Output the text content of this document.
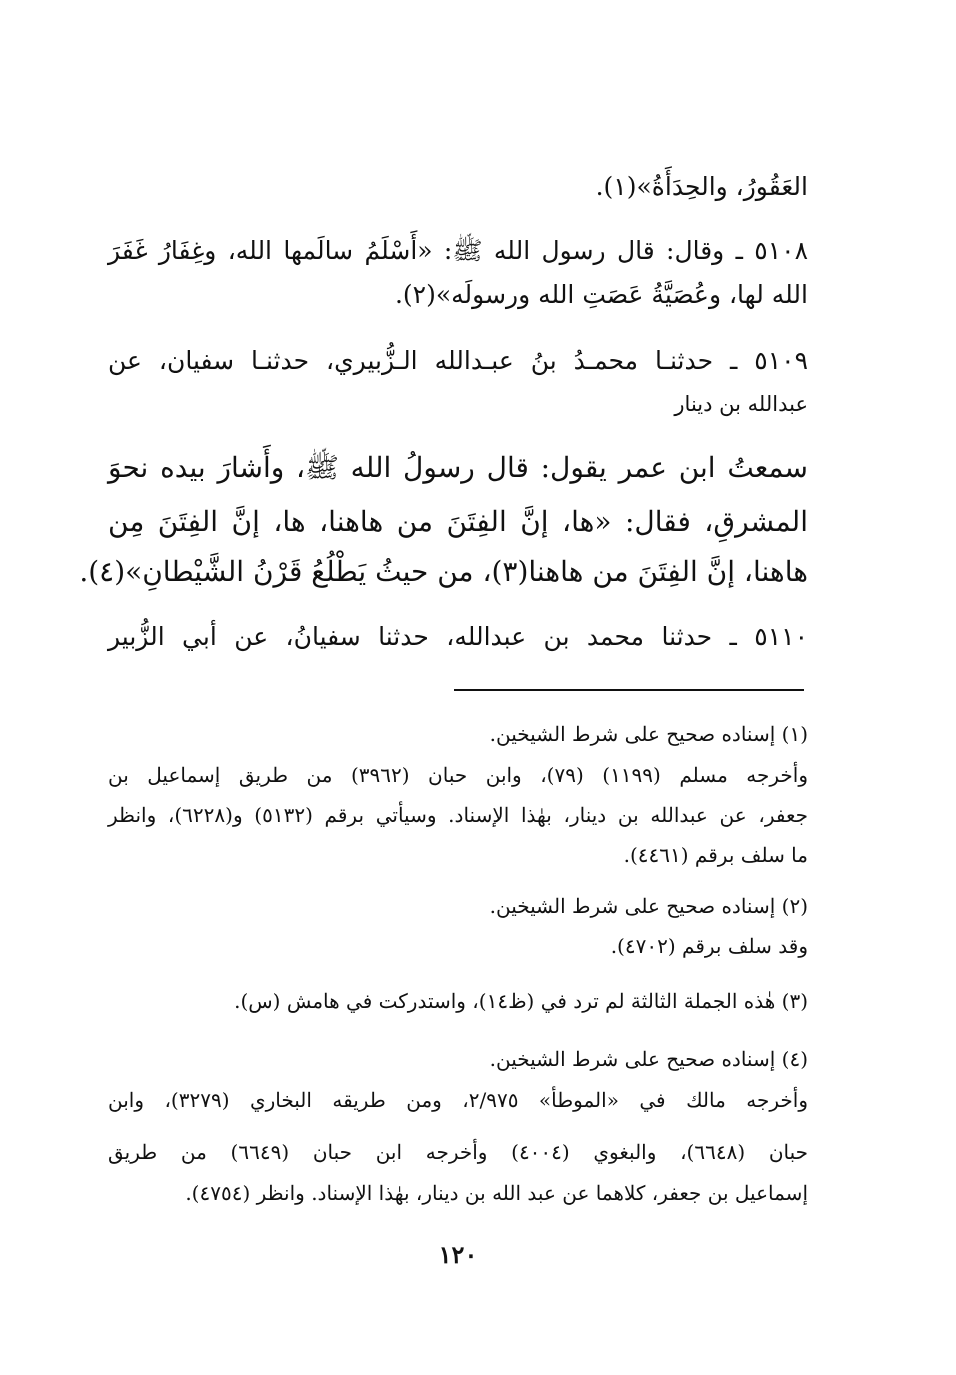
العَقُورُ، والحِدَأَةُ»(١).
٥١٠٨ ـ وقال: قال رسول الله ﷺ: «أَسْلَمُ سالَمها الله، وغِفَارُ غَفَرَ
الله لها، وعُصَيَّةُ عَصَتِ الله ورسولَه»(٢).
٥١٠٩ ـ حدثنـا محمـدُ بنُ عبـدالله الـزُّبيري، حدثنـا سفيان، عن
عبدالله بن دينار
سمعتُ ابن عمر يقول: قال رسولُ الله ﷺ، وأَشارَ بيده نحوَ
المشرقِ، فقال: «ها، إنَّ الفِتَنَ من هاهنا، ها، إنَّ الفِتَنَ مِن
هاهنا، إنَّ الفِتَنَ من هاهنا(٣)، من حيثُ يَطْلُعُ قَرْنُ الشَّيْطانِ»(٤).
٥١١٠ ـ حدثنا محمد بن عبدالله، حدثنا سفيانُ، عن أبي الزُّبير
(١) إسناده صحيح على شرط الشيخين.
وأخرجه مسلم (١١٩٩) (٧٩)، وابن حبان (٣٩٦٢) من طريق إسماعيل بن
جعفر، عن عبدالله بن دينار، بهٰذا الإسناد. وسيأتي برقم (٥١٣٢) و(٦٢٢٨)، وانظر
ما سلف برقم (٤٤٦١).
(٢) إسناده صحيح على شرط الشيخين.
وقد سلف برقم (٤٧٠٢).
(٣) هٰذه الجملة الثالثة لم ترد في (ظ١٤)، واستدركت في هامش (س).
(٤) إسناده صحيح على شرط الشيخين.
وأخرجه مالك في «الموطأ» ٢/٩٧٥، ومن طريقه البخاري (٣٢٧٩)، وابن
حبان (٦٦٤٨)، والبغوي (٤٠٠٤) وأخرجه ابن حبان (٦٦٤٩) من طريق
إسماعيل بن جعفر، كلاهما عن عبد الله بن دينار، بهٰذا الإسناد. وانظر (٤٧٥٤).
١٢٠
